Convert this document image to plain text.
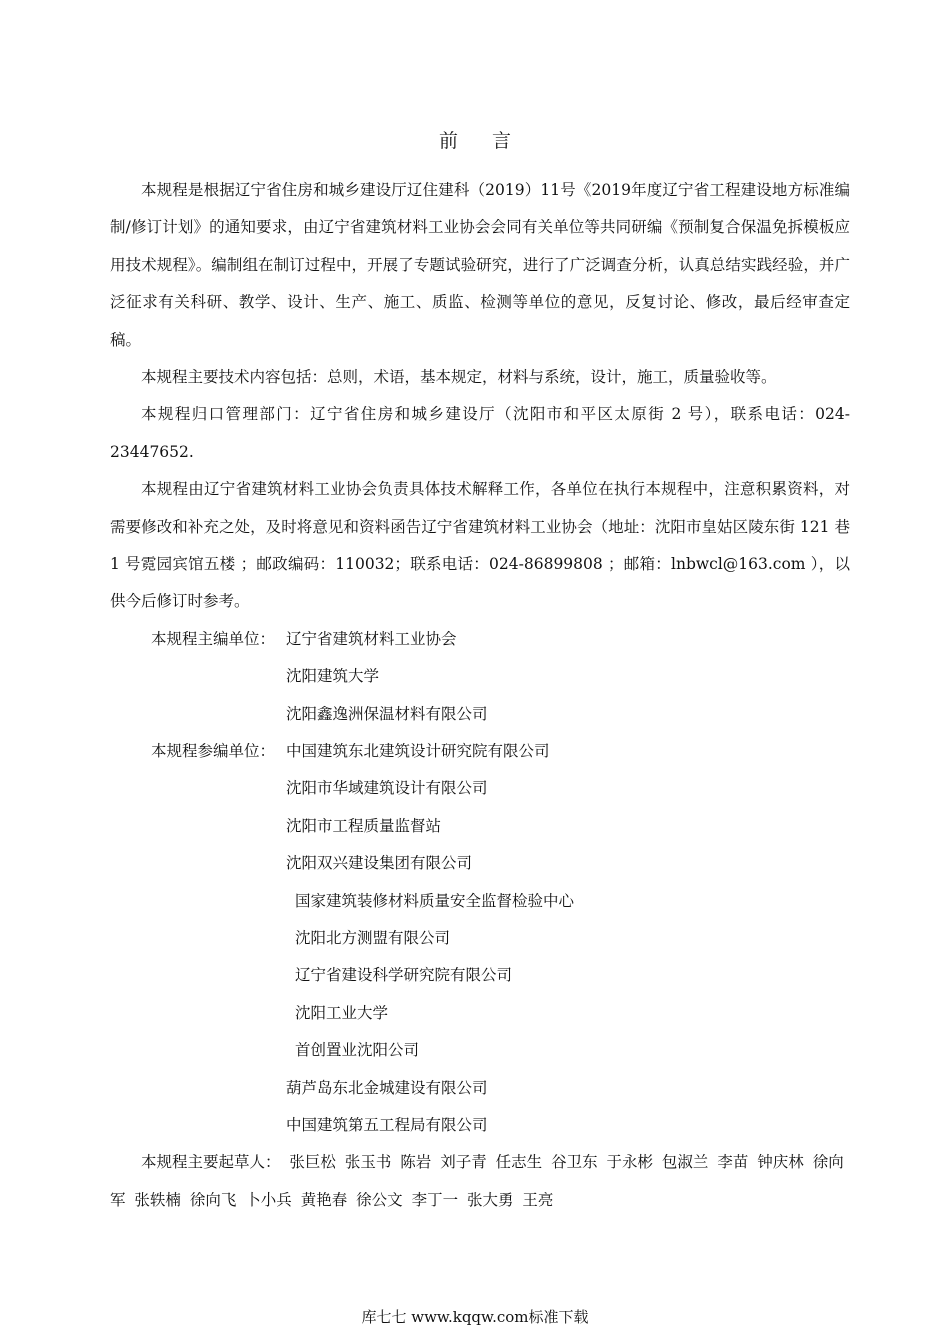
前 言

本规程是根据辽宁省住房和城乡建设厅辽住建科（2019）11号《2019年度辽宁省工程建设地方标准编制/修订计划》的通知要求，由辽宁省建筑材料工业协会会同有关单位等共同研编《预制复合保温免拆模板应用技术规程》。编制组在制订过程中，开展了专题试验研究，进行了广泛调查分析，认真总结实践经验，并广泛征求有关科研、教学、设计、生产、施工、质监、检测等单位的意见，反复讨论、修改，最后经审查定稿。

本规程主要技术内容包括：总则，术语，基本规定，材料与系统，设计，施工，质量验收等。

本规程归口管理部门：辽宁省住房和城乡建设厅（沈阳市和平区太原街 2 号），联系电话：024-23447652.

本规程由辽宁省建筑材料工业协会负责具体技术解释工作，各单位在执行本规程中，注意积累资料，对需要修改和补充之处，及时将意见和资料函告辽宁省建筑材料工业协会（地址：沈阳市皇姑区陵东街 121 巷 1 号霓园宾馆五楼 ；邮政编码：110032；联系电话：024-86899808 ；邮箱：lnbwcl@163.com ），以供今后修订时参考。

本规程主编单位： 辽宁省建筑材料工业协会
沈阳建筑大学
沈阳鑫逸洲保温材料有限公司
本规程参编单位： 中国建筑东北建筑设计研究院有限公司
沈阳市华域建筑设计有限公司
沈阳市工程质量监督站
沈阳双兴建设集团有限公司
国家建筑装修材料质量安全监督检验中心
沈阳北方测盟有限公司
辽宁省建设科学研究院有限公司
沈阳工业大学
首创置业沈阳公司
葫芦岛东北金城建设有限公司
中国建筑第五工程局有限公司

本规程主要起草人： 张巨松 张玉书 陈岩 刘子青 任志生 谷卫东 于永彬 包淑兰 李苗 钟庆林 徐向军 张轶楠 徐向飞 卜小兵 黄艳春 徐公文 李丁一 张大勇 王亮

库七七 www.kqqw.com标准下载
